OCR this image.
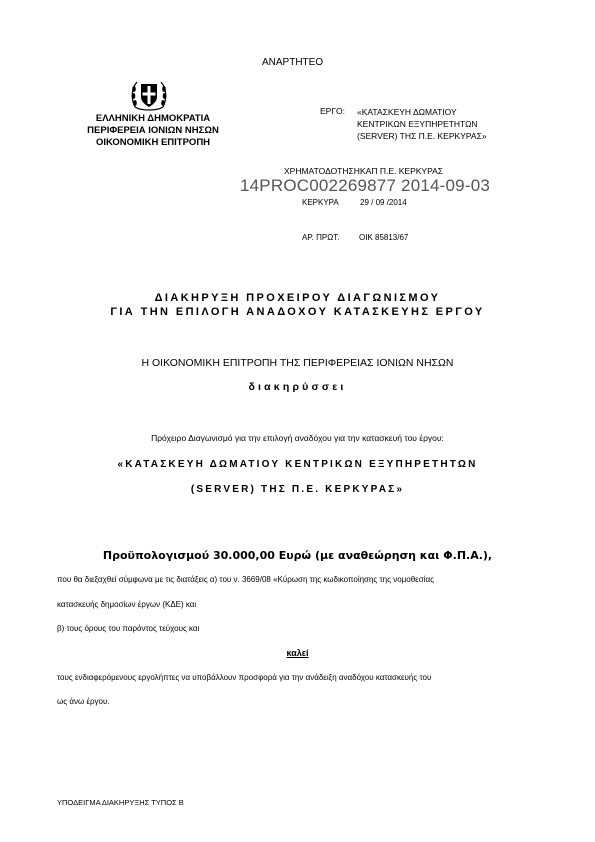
ΑΝΑΡΤΗΤΕΟ
ΕΛΛΗΝΙΚΗ ΔΗΜΟΚΡΑΤΙΑ
ΠΕΡΙΦΕΡΕΙΑ ΙΟΝΙΩΝ ΝΗΣΩΝ
ΟΙΚΟΝΟΜΙΚΗ ΕΠΙΤΡΟΠΗ
ΕΡΓΟ: «ΚΑΤΑΣΚΕΥΗ ΔΩΜΑΤΙΟΥ
ΚΕΝΤΡΙΚΩΝ ΕΞΥΠΗΡΕΤΗΤΩΝ
(SERVER) ΤΗΣ Π.Ε. ΚΕΡΚΥΡΑΣ»
ΧΡΗΜΑΤΟΔΟΤΗΣΗ:
ΚΑΠ Π.Ε. ΚΕΡΚΥΡΑΣ
14PROC002269877 2014-09-03
ΚΕΡΚΥΡΑ	29 / 09 /2014
ΑΡ. ΠΡΩΤ. ΟΙΚ 85813/67
ΔΙΑΚΗΡΥΞΗ ΠΡΟΧΕΙΡΟΥ ΔΙΑΓΩΝΙΣΜΟΥ
ΓΙΑ ΤΗΝ ΕΠΙΛΟΓΗ ΑΝΑΔΟΧΟΥ ΚΑΤΑΣΚΕΥΗΣ ΕΡΓΟΥ
Η ΟΙΚΟΝΟΜΙΚΗ ΕΠΙΤΡΟΠΗ ΤΗΣ ΠΕΡΙΦΕΡΕΙΑΣ ΙΟΝΙΩΝ ΝΗΣΩΝ
διακηρύσσει
Πρόχειρο Διαγωνισμό για την επιλογή αναδόχου για την κατασκευή του έργου:
«ΚΑΤΑΣΚΕΥΗ ΔΩΜΑΤΙΟΥ ΚΕΝΤΡΙΚΩΝ ΕΞΥΠΗΡΕΤΗΤΩΝ
(SERVER) ΤΗΣ Π.Ε. ΚΕΡΚΥΡΑΣ»
Προϋπολογισμού 30.000,00 Ευρώ (με αναθεώρηση και Φ.Π.Α.),
που θα διεξαχθεί σύμφωνα με τις διατάξεις α) του ν. 3669/08 «Κύρωση της κωδικοποίησης της νομοθεσίας
κατασκευής δημοσίων έργων (ΚΔΕ) και
β) τους όρους του παρόντος τεύχους και
καλεί
τους ενδιαφερόμενους εργολήπτες να υποβάλλουν προσφορά για την ανάδειξη αναδόχου κατασκευής του
ως άνω έργου.
ΥΠΟΔΕΙΓΜΑ ΔΙΑΚΗΡΥΞΗΣ ΤΥΠΟΣ Β
